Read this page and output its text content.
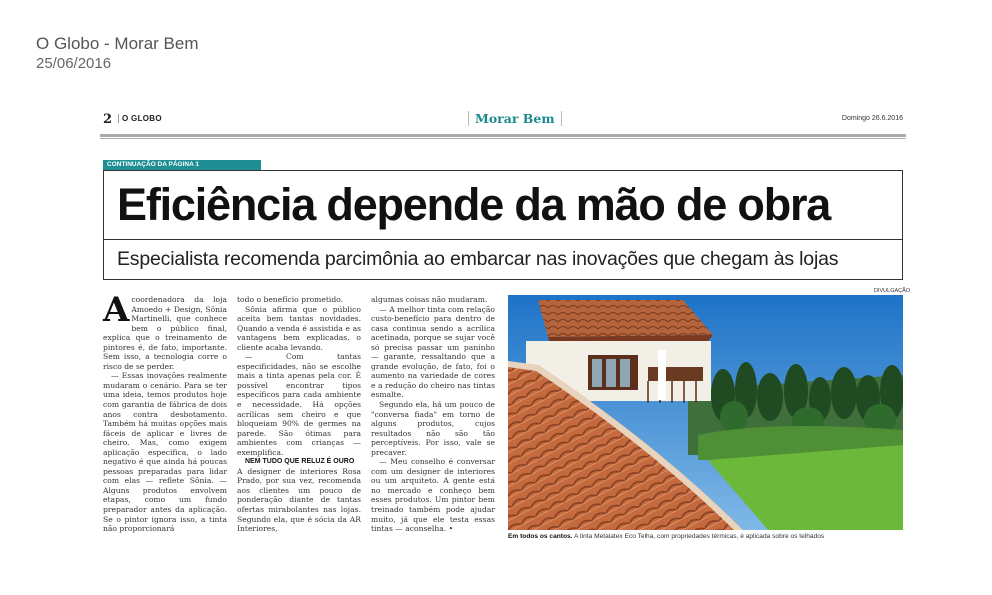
O Globo - Morar Bem
25/06/2016
2	O GLOBO	Morar Bem	Domingo 26.6.2016
CONTINUAÇÃO DA PÁGINA 1
Eficiência depende da mão de obra
Especialista recomenda parcimônia ao embarcar nas inovações que chegam às lojas

Acoordenadora da loja Amoedo + Design, Sônia Martinelli, que conhece bem o público final, explica que o treinamento de pintores é, de fato, importante. Sem isso, a tecnologia corre o risco de se perder.

— Essas inovações realmente mudaram o cenário. Para se ter uma ideia, temos produtos hoje com garantia de fábrica de dois anos contra desbotamento. Também há muitas opções mais fáceis de aplicar e livres de cheiro. Mas, como exigem aplicação específica, o lado negativo é que ainda há poucas pessoas preparadas para lidar com elas — reflete Sônia. — Alguns produtos envolvem etapas, como um fundo preparador antes da aplicação. Se o pintor ignora isso, a tinta não proporcionará

todo o benefício prometido.

Sônia afirma que o público aceita bem tantas novidades. Quando a venda é assistida e as vantagens bem explicadas, o cliente acaba levando.

— Com tantas especificidades, não se escolhe mais a tinta apenas pela cor. É possível encontrar tipos específicos para cada ambiente e necessidade. Há opções acrílicas sem cheiro e que bloqueiam 90% de germes na parede. São ótimas para ambientes com crianças — exemplifica.

NEM TUDO QUE RELUZ É OURO

A designer de interiores Rosa Prado, por sua vez, recomenda aos clientes um pouco de ponderação diante de tantas ofertas mirabolantes nas lojas. Segundo ela, que é sócia da AR Interiores,

algumas coisas não mudaram.

— A melhor tinta com relação custo-benefício para dentro de casa continua sendo a acrílica acetinada, porque se sujar você só precisa passar um paninho — garante, ressaltando que a grande evolução, de fato, foi o aumento na variedade de cores e a redução do cheiro nas tintas esmalte.

Segundo ela, há um pouco de "conversa fiada" em torno de alguns produtos, cujos resultados não são tão perceptíveis. Por isso, vale se precaver.

— Meu conselho é conversar com um designer de interiores ou um arquiteto. A gente está no mercado e conheço bem esses produtos. Um pintor bem treinado também pode ajudar muito, já que ele testa essas tintas — aconselha. •

DIVULGAÇÃO
Em todos os cantos. A tinta Metalatex Eco Telha, com propriedades térmicas, é aplicada sobre os telhados
